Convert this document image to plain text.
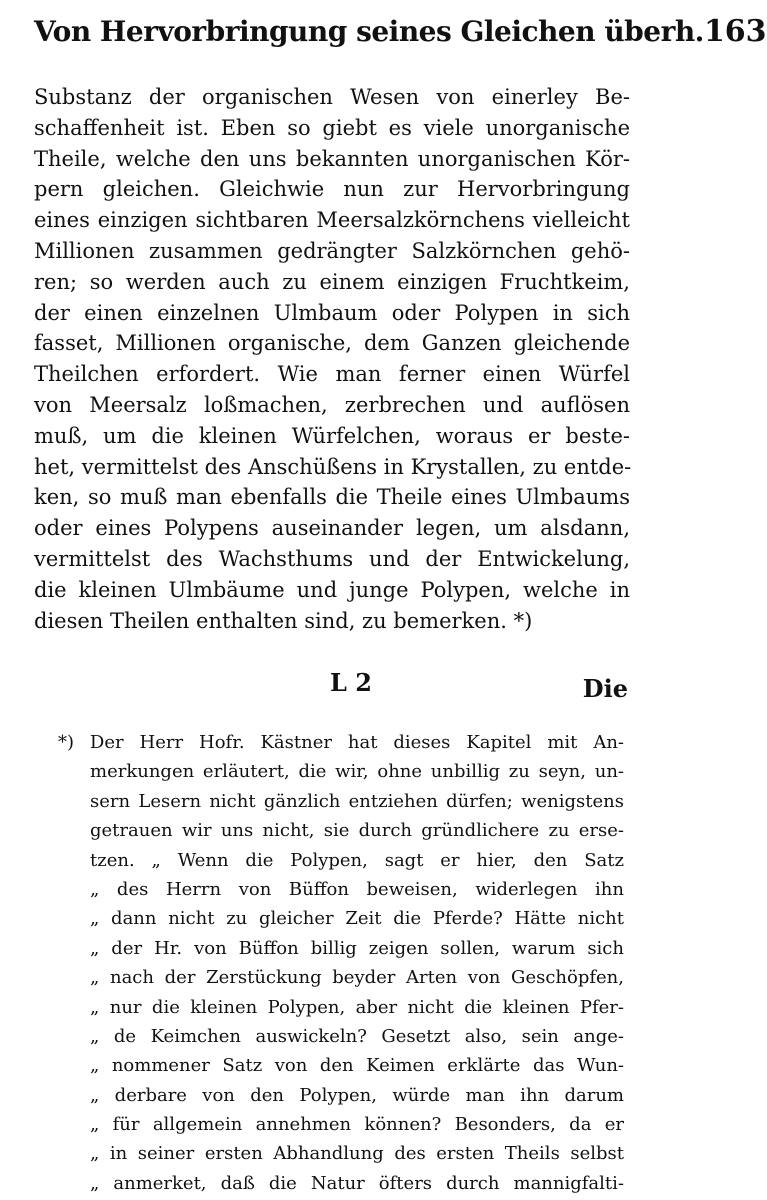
Von Hervorbringung seines Gleichen überh. 163
Substanz der organischen Wesen von einerley Be-
schaffenheit ist. Eben so giebt es viele unorganische
Theile, welche den uns bekannten unorganischen Kör-
pern gleichen. Gleichwie nun zur Hervorbringung
eines einzigen sichtbaren Meersalzkörnchens vielleicht
Millionen zusammen gedrängter Salzkörnchen gehö-
ren; so werden auch zu einem einzigen Fruchtkeim,
der einen einzelnen Ulmbaum oder Polypen in sich
fasset, Millionen organische, dem Ganzen gleichende
Theilchen erfordert. Wie man ferner einen Würfel
von Meersalz loßmachen, zerbrechen und auflösen
muß, um die kleinen Würfelchen, woraus er beste-
het, vermittelst des Anschüßens in Krystallen, zu entde-
ken, so muß man ebenfalls die Theile eines Ulmbaums
oder eines Polypens auseinander legen, um alsdann,
vermittelst des Wachsthums und der Entwickelung,
die kleinen Ulmbäume und junge Polypen, welche in
diesen Theilen enthalten sind, zu bemerken. *)
L 2	Die
*) Der Herr Hofr. Kästner hat dieses Kapitel mit An-
merkungen erläutert, die wir, ohne unbillig zu seyn, un-
sern Lesern nicht gänzlich entziehen dürfen; wenigstens
getrauen wir uns nicht, sie durch gründlichere zu erse-
tzen. „ Wenn die Polypen, sagt er hier, den Satz
„ des Herrn von Büffon beweisen, widerlegen ihn
„ dann nicht zu gleicher Zeit die Pferde? Hätte nicht
„ der Hr. von Büffon billig zeigen sollen, warum sich
„ nach der Zerstückung beyder Arten von Geschöpfen,
„ nur die kleinen Polypen, aber nicht die kleinen Pfer-
„ de Keimchen auswickeln? Gesetzt also, sein ange-
„ nommener Satz von den Keimen erklärte das Wun-
„ derbare von den Polypen, würde man ihn darum
„ für allgemein annehmen können? Besonders, da er
„ in seiner ersten Abhandlung des ersten Theils selbst
„ anmerket, daß die Natur öfters durch mannigfalti-
